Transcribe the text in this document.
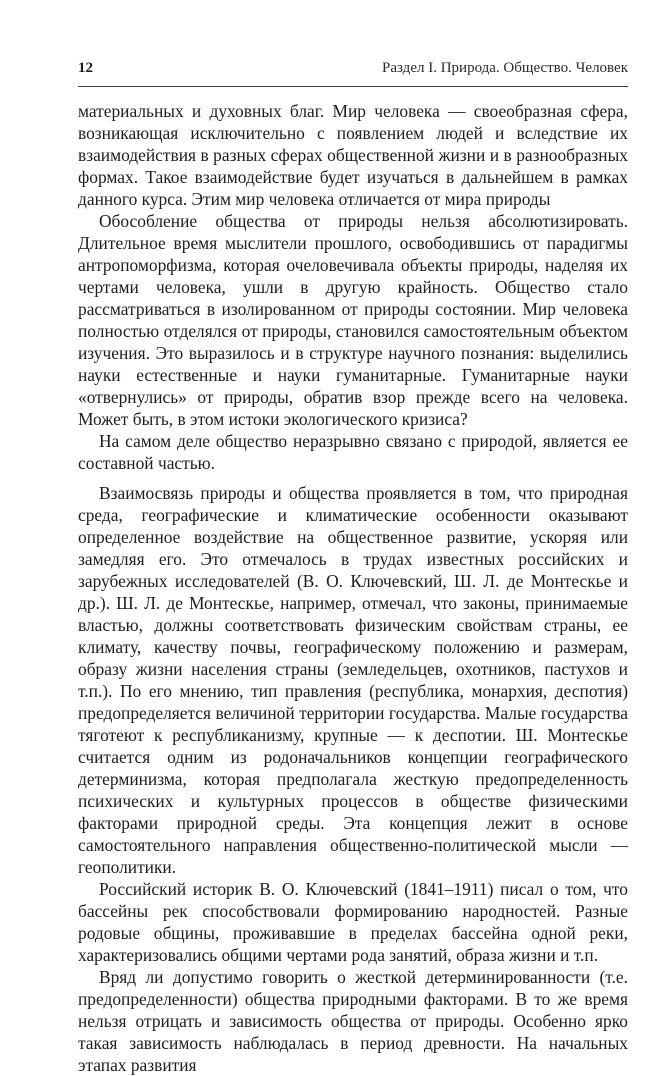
12	Раздел I. Природа. Общество. Человек

материальных и духовных благ. Мир человека — своеобразная сфера, возникающая исключительно с появлением людей и вследствие их взаимодействия в разных сферах общественной жизни и в разнообразных формах. Такое взаимодействие будет изучаться в дальнейшем в рамках данного курса. Этим мир человека отличается от мира природы

Обособление общества от природы нельзя абсолютизировать. Длительное время мыслители прошлого, освободившись от парадигмы антропоморфизма, которая очеловечивала объекты природы, наделяя их чертами человека, ушли в другую крайность. Общество стало рассматриваться в изолированном от природы состоянии. Мир человека полностью отделялся от природы, становился самостоятельным объектом изучения. Это выразилось и в структуре научного познания: выделились науки естественные и науки гуманитарные. Гуманитарные науки «отвернулись» от природы, обратив взор прежде всего на человека. Может быть, в этом истоки экологического кризиса?

На самом деле общество неразрывно связано с природой, является ее составной частью.

Взаимосвязь природы и общества проявляется в том, что природная среда, географические и климатические особенности оказывают определенное воздействие на общественное развитие, ускоряя или замедляя его. Это отмечалось в трудах известных российских и зарубежных исследователей (В. О. Ключевский, Ш. Л. де Монтескье и др.). Ш. Л. де Монтескье, например, отмечал, что законы, принимаемые властью, должны соответствовать физическим свойствам страны, ее климату, качеству почвы, географическому положению и размерам, образу жизни населения страны (земледельцев, охотников, пастухов и т.п.). По его мнению, тип правления (республика, монархия, деспотия) предопределяется величиной территории государства. Малые государства тяготеют к республиканизму, крупные — к деспотии. Ш. Монтескье считается одним из родоначальников концепции географического детерминизма, которая предполагала жесткую предопределенность психических и культурных процессов в обществе физическими факторами природной среды. Эта концепция лежит в основе самостоятельного направления общественно-политической мысли — геополитики.

Российский историк В. О. Ключевский (1841–1911) писал о том, что бассейны рек способствовали формированию народностей. Разные родовые общины, проживавшие в пределах бассейна одной реки, характеризовались общими чертами рода занятий, образа жизни и т.п.

Вряд ли допустимо говорить о жесткой детерминированности (т.е. предопределенности) общества природными факторами. В то же время нельзя отрицать и зависимость общества от природы. Особенно ярко такая зависимость наблюдалась в период древности. На начальных этапах развития
